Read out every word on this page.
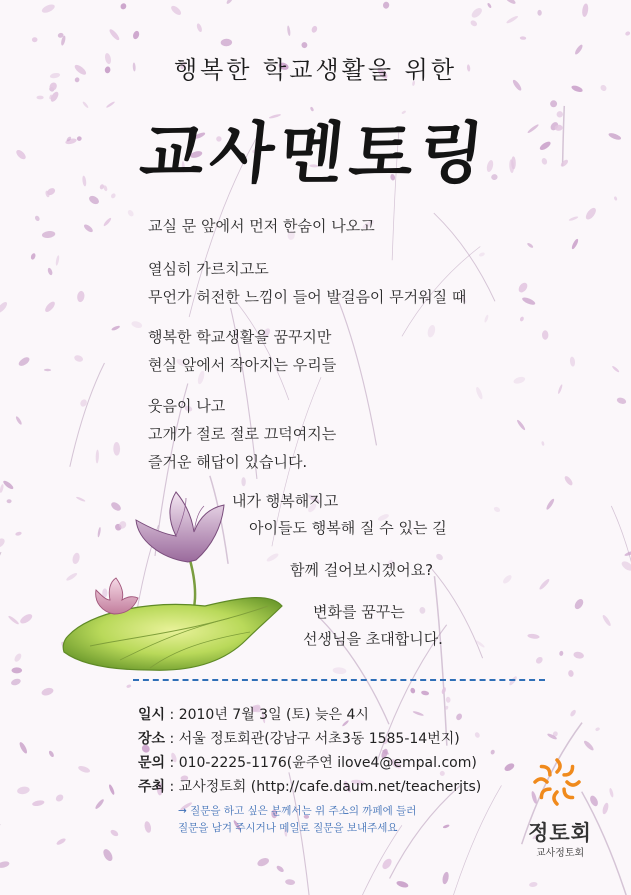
행복한 학교생활을 위한
교사멘토링
교실 문 앞에서 먼저 한숨이 나오고
열심히 가르치고도
무언가 허전한 느낌이 들어 발걸음이 무거워질 때
행복한 학교생활을 꿈꾸지만
현실 앞에서 작아지는 우리들
웃음이 나고
고개가 절로 절로 끄덕여지는
즐거운 해답이 있습니다.
내가 행복해지고
아이들도 행복해 질 수 있는 길
함께 걸어보시겠어요?
변화를 꿈꾸는
선생님을 초대합니다.
일시 : 2010년 7월 3일 (토) 늦은 4시
장소 : 서울 정토회관(강남구 서초3동 1585-14번지)
문의 : 010-2225-1176(윤주연 ilove4@empal.com)
주최 : 교사정토회 (http://cafe.daum.net/teacherjts)
→ 질문을 하고 싶은 분께서는 위 주소의 까페에 들러
질문을 남겨 주시거나 메일로 질문을 보내주세요	정토회
교사정토회
